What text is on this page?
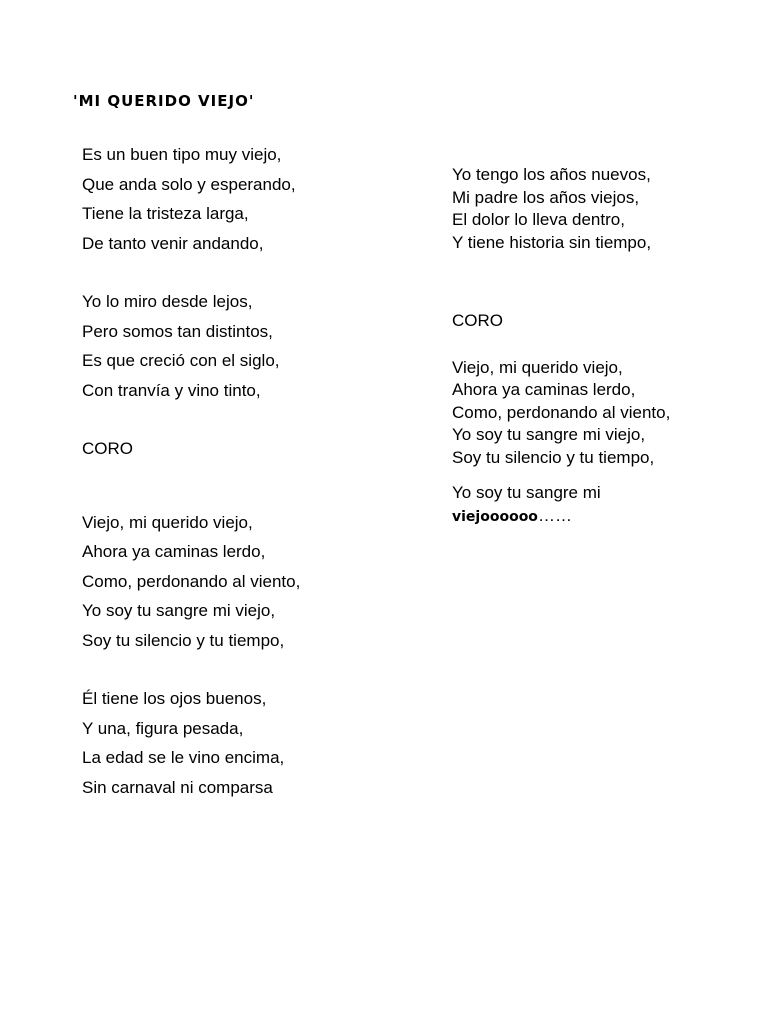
'MI QUERIDO VIEJO'
Es un buen tipo muy viejo,
Que anda solo y esperando,
Tiene la tristeza larga,
De tanto venir andando,
Yo lo miro desde lejos,
Pero somos tan distintos,
Es que creció con el siglo,
Con tranvía y vino tinto,
CORO
Viejo, mi querido viejo,
Ahora ya caminas lerdo,
Como, perdonando al viento,
Yo soy tu sangre mi viejo,
Soy tu silencio y tu tiempo,
Él tiene los ojos buenos,
Y una, figura pesada,
La edad se le vino encima,
Sin carnaval ni comparsa
Yo tengo los años nuevos,
Mi padre los años viejos,
El dolor lo lleva dentro,
Y tiene historia sin tiempo,
CORO
Viejo, mi querido viejo,
Ahora ya caminas lerdo,
Como, perdonando al viento,
Yo soy tu sangre mi viejo,
Soy tu silencio y tu tiempo,
Yo soy tu sangre mi
viejoooooo……
